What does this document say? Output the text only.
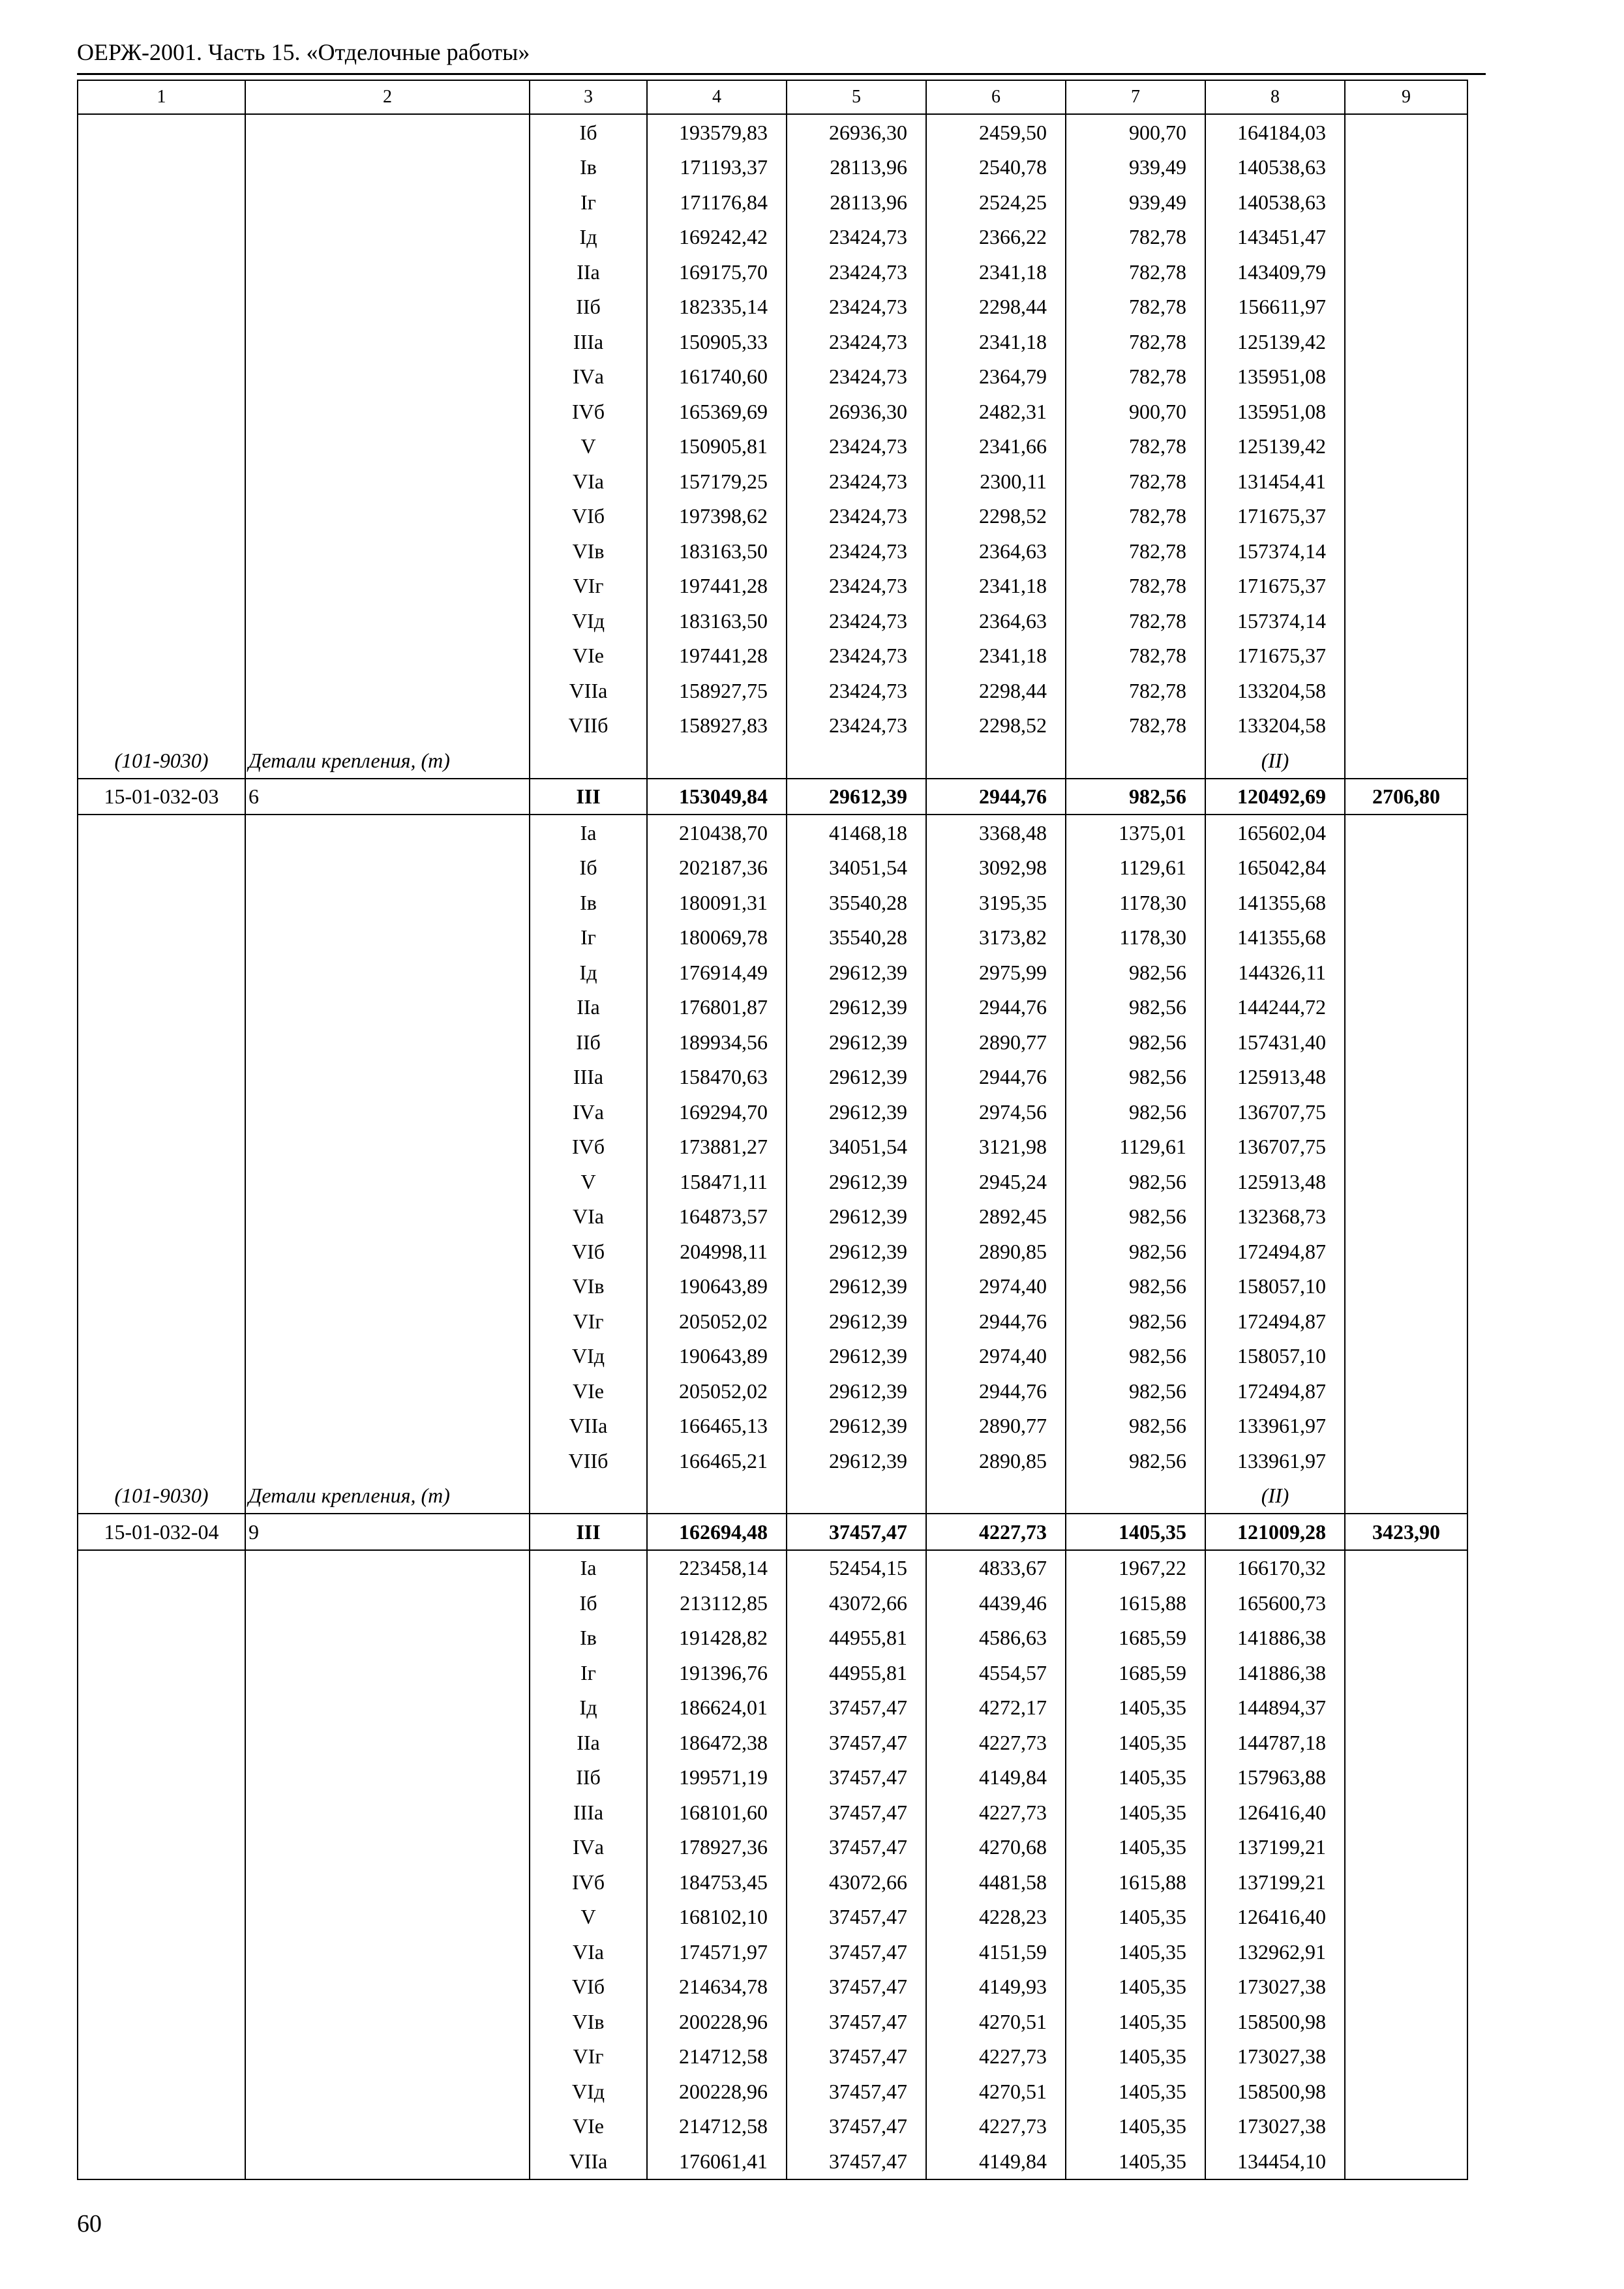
ОЕРЖ-2001. Часть 15. «Отделочные работы»
1	2	3	4	5	6	7	8	9
		Iб	193579,83	26936,30	2459,50	900,70	164184,03	
		Iв	171193,37	28113,96	2540,78	939,49	140538,63	
		Iг	171176,84	28113,96	2524,25	939,49	140538,63	
		Iд	169242,42	23424,73	2366,22	782,78	143451,47	
		IIа	169175,70	23424,73	2341,18	782,78	143409,79	
		IIб	182335,14	23424,73	2298,44	782,78	156611,97	
		IIIа	150905,33	23424,73	2341,18	782,78	125139,42	
		IVа	161740,60	23424,73	2364,79	782,78	135951,08	
		IVб	165369,69	26936,30	2482,31	900,70	135951,08	
		V	150905,81	23424,73	2341,66	782,78	125139,42	
		VIа	157179,25	23424,73	2300,11	782,78	131454,41	
		VIб	197398,62	23424,73	2298,52	782,78	171675,37	
		VIв	183163,50	23424,73	2364,63	782,78	157374,14	
		VIг	197441,28	23424,73	2341,18	782,78	171675,37	
		VIд	183163,50	23424,73	2364,63	782,78	157374,14	
		VIе	197441,28	23424,73	2341,18	782,78	171675,37	
		VIIа	158927,75	23424,73	2298,44	782,78	133204,58	
		VIIб	158927,83	23424,73	2298,52	782,78	133204,58	
(101-9030)	Детали крепления, (т)						(II)	
15-01-032-03	6	III	153049,84	29612,39	2944,76	982,56	120492,69	2706,80
		Iа	210438,70	41468,18	3368,48	1375,01	165602,04	
		Iб	202187,36	34051,54	3092,98	1129,61	165042,84	
		Iв	180091,31	35540,28	3195,35	1178,30	141355,68	
		Iг	180069,78	35540,28	3173,82	1178,30	141355,68	
		Iд	176914,49	29612,39	2975,99	982,56	144326,11	
		IIа	176801,87	29612,39	2944,76	982,56	144244,72	
		IIб	189934,56	29612,39	2890,77	982,56	157431,40	
		IIIа	158470,63	29612,39	2944,76	982,56	125913,48	
		IVа	169294,70	29612,39	2974,56	982,56	136707,75	
		IVб	173881,27	34051,54	3121,98	1129,61	136707,75	
		V	158471,11	29612,39	2945,24	982,56	125913,48	
		VIа	164873,57	29612,39	2892,45	982,56	132368,73	
		VIб	204998,11	29612,39	2890,85	982,56	172494,87	
		VIв	190643,89	29612,39	2974,40	982,56	158057,10	
		VIг	205052,02	29612,39	2944,76	982,56	172494,87	
		VIд	190643,89	29612,39	2974,40	982,56	158057,10	
		VIе	205052,02	29612,39	2944,76	982,56	172494,87	
		VIIа	166465,13	29612,39	2890,77	982,56	133961,97	
		VIIб	166465,21	29612,39	2890,85	982,56	133961,97	
(101-9030)	Детали крепления, (т)						(II)	
15-01-032-04	9	III	162694,48	37457,47	4227,73	1405,35	121009,28	3423,90
		Iа	223458,14	52454,15	4833,67	1967,22	166170,32	
		Iб	213112,85	43072,66	4439,46	1615,88	165600,73	
		Iв	191428,82	44955,81	4586,63	1685,59	141886,38	
		Iг	191396,76	44955,81	4554,57	1685,59	141886,38	
		Iд	186624,01	37457,47	4272,17	1405,35	144894,37	
		IIа	186472,38	37457,47	4227,73	1405,35	144787,18	
		IIб	199571,19	37457,47	4149,84	1405,35	157963,88	
		IIIа	168101,60	37457,47	4227,73	1405,35	126416,40	
		IVа	178927,36	37457,47	4270,68	1405,35	137199,21	
		IVб	184753,45	43072,66	4481,58	1615,88	137199,21	
		V	168102,10	37457,47	4228,23	1405,35	126416,40	
		VIа	174571,97	37457,47	4151,59	1405,35	132962,91	
		VIб	214634,78	37457,47	4149,93	1405,35	173027,38	
		VIв	200228,96	37457,47	4270,51	1405,35	158500,98	
		VIг	214712,58	37457,47	4227,73	1405,35	173027,38	
		VIд	200228,96	37457,47	4270,51	1405,35	158500,98	
		VIе	214712,58	37457,47	4227,73	1405,35	173027,38	
		VIIа	176061,41	37457,47	4149,84	1405,35	134454,10	
60
